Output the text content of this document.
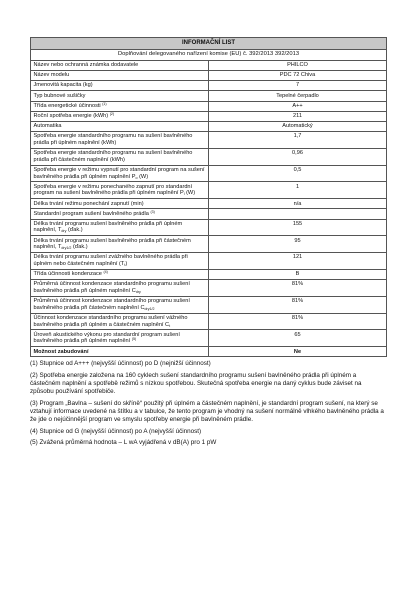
INFORMAČNÍ LIST	
Doplňování delegovaného nařízení komise (EU) č. 392/2013 392/2013	
Název nebo ochranná známka dodavatele	PHILCO
Název modelu	PDC 72 Chiva
Jmenovitá kapacita (kg)	7
Typ bubnové sušičky	Tepelné čerpadlo
Třída energetické účinnosti $^{(1)}$	A++
Roční spotřeba energie (kWh) $^{(2)}$	211
Automatika	Automatický
Spotřeba energie standardního programu na sušení bavlněného prádla při úplném naplnění (kWh)	1,7
Spotřeba energie standardního programu na sušení bavlněného prádla při částečném naplnění (kWh)	0,96
Spotřeba energie v režimu vypnutí pro standardní program na sušení bavlněného prádla při úplném naplnění $P_o$ (W)	0,5
Spotřeba energie v režimu ponechaného zapnutí pro standardní program na sušení bavlněného prádla při úplném naplnění $P_l$ (W)	1
Délka trvání režimu ponechání zapnutí (min)	n/a
Standardní program sušení bavlněného prádla $^{(3)}$	
Délka trvání programu sušení bavlněného prádla při úplném naplnění, $T_{dry}$ (ďak.)	155
Délka trvání programu sušení bavlněného prádla při částečném naplnění, $T_{dry1/2}$ (ďak.)	95
Délka trvání programu sušení zvážného bavlněného prádla při úplném nebo částečném naplnění $(T_t)$	121
Třída účinnosti kondenzace $^{(4)}$	B
Průměrná účinnost kondenzace standardního programu sušení bavlněného prádla při úplném naplnění $C_{dry}$	81%
Průměrná účinnost kondenzace standardního programu sušení bavlněného prádla při částečném naplnění $C_{dry1/2}$	81%
Účinnost kondenzace standardního programu sušení vážného bavlněného prádla při úplném a částečném naplnění $C_t$	81%
Úroveň akustického výkonu pro standardní program sušení bavlněného prádla při úplném naplnění $^{(5)}$	65
Možnost zabudování	Ne

(1) Stupnice od A+++ (nejvyšší účinnost) po D (nejnižší účinnost)

(2) Spotřeba energie založena na 160 cyklech sušení standardního programu sušení bavlněného prádla při úplném a částečném naplnění a spotřebě režimů s nízkou spotřebou. Skutečná spotřeba energie na daný cyklus bude záviset na způsobu používání spotřebiče.

(3) Program „Bavlna – sušení do skříně“ použitý při úplném a částečném naplnění, je standardní program sušení, na který se vztahují informace uvedené na štítku a v tabulce, že tento program je vhodný na sušení normálně vlhkého bavlněného prádla a že jde o nejúčinnější program ve smyslu spotřeby energie při bavlněném prádle.

(4) Stupnice od G (nejvyšší účinnost) po A (nejvyšší účinnost)

(5) Zvážená průměrná hodnota – L wA vyjádřená v dB(A) pro 1 pW
